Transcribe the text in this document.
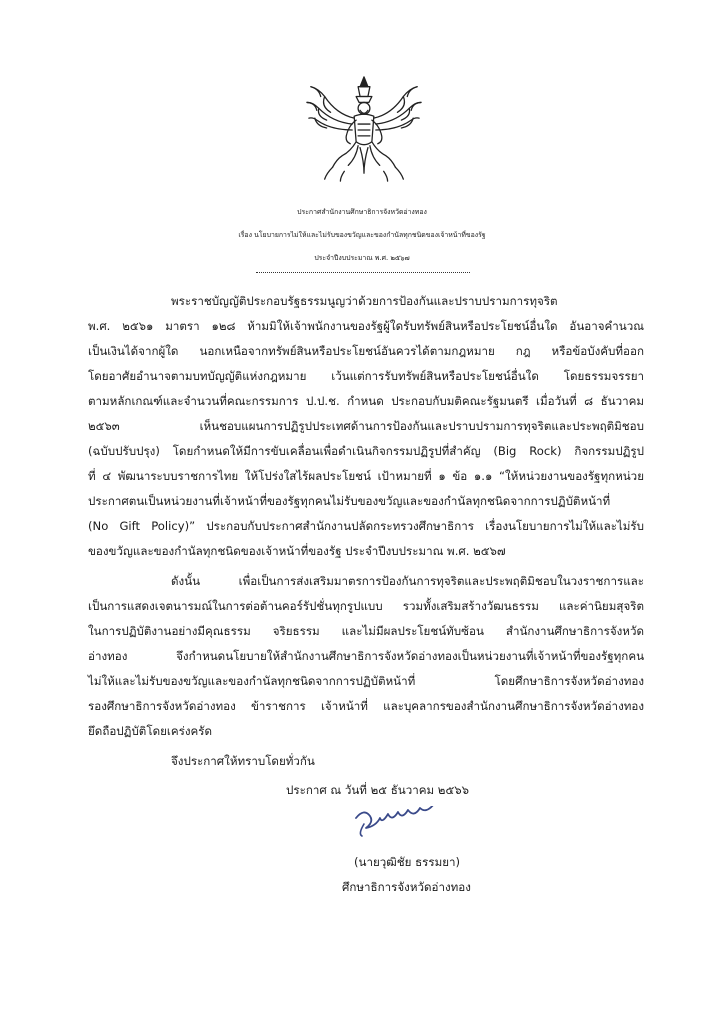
ประกาศสำนักงานศึกษาธิการจังหวัดอ่างทอง
เรื่อง นโยบายการไม่ให้และไม่รับของขวัญและของกำนัลทุกชนิดของเจ้าหน้าที่ของรัฐ
ประจำปีงบประมาณ พ.ศ. ๒๕๖๗
พระราชบัญญัติประกอบรัฐธรรมนูญว่าด้วยการป้องกันและปราบปรามการทุจริต
พ.ศ. ๒๕๖๑ มาตรา ๑๒๘ ห้ามมิให้เจ้าพนักงานของรัฐผู้ใดรับทรัพย์สินหรือประโยชน์อื่นใด อันอาจคำนวณ
เป็นเงินได้จากผู้ใด นอกเหนือจากทรัพย์สินหรือประโยชน์อันควรได้ตามกฎหมาย กฎ หรือข้อบังคับที่ออก
โดยอาศัยอำนาจตามบทบัญญัติแห่งกฎหมาย เว้นแต่การรับทรัพย์สินหรือประโยชน์อื่นใด โดยธรรมจรรยา
ตามหลักเกณฑ์และจำนวนที่คณะกรรมการ ป.ป.ช. กำหนด ประกอบกับมติคณะรัฐมนตรี เมื่อวันที่ ๘ ธันวาคม
๒๕๖๓ เห็นชอบแผนการปฏิรูปประเทศด้านการป้องกันและปราบปรามการทุจริตและประพฤติมิชอบ
(ฉบับปรับปรุง) โดยกำหนดให้มีการขับเคลื่อนเพื่อดำเนินกิจกรรมปฏิรูปที่สำคัญ (Big Rock) กิจกรรมปฏิรูป
ที่ ๔ พัฒนาระบบราชการไทย ให้โปร่งใสไร้ผลประโยชน์ เป้าหมายที่ ๑ ข้อ ๑.๑ “ให้หน่วยงานของรัฐทุกหน่วย
ประกาศตนเป็นหน่วยงานที่เจ้าหน้าที่ของรัฐทุกคนไม่รับของขวัญและของกำนัลทุกชนิดจากการปฏิบัติหน้าที่
(No Gift Policy)” ประกอบกับประกาศสำนักงานปลัดกระทรวงศึกษาธิการ เรื่องนโยบายการไม่ให้และไม่รับ
ของขวัญและของกำนัลทุกชนิดของเจ้าหน้าที่ของรัฐ ประจำปีงบประมาณ พ.ศ. ๒๕๖๗
ดังนั้น เพื่อเป็นการส่งเสริมมาตรการป้องกันการทุจริตและประพฤติมิชอบในวงราชการและ
เป็นการแสดงเจตนารมณ์ในการต่อต้านคอร์รัปชั่นทุกรูปแบบ รวมทั้งเสริมสร้างวัฒนธรรม และค่านิยมสุจริต
ในการปฏิบัติงานอย่างมีคุณธรรม จริยธรรม และไม่มีผลประโยชน์ทับซ้อน สำนักงานศึกษาธิการจังหวัด
อ่างทอง จึงกำหนดนโยบายให้สำนักงานศึกษาธิการจังหวัดอ่างทองเป็นหน่วยงานที่เจ้าหน้าที่ของรัฐทุกคน
ไม่ให้และไม่รับของขวัญและของกำนัลทุกชนิดจากการปฏิบัติหน้าที่ โดยศึกษาธิการจังหวัดอ่างทอง
รองศึกษาธิการจังหวัดอ่างทอง ข้าราชการ เจ้าหน้าที่ และบุคลากรของสำนักงานศึกษาธิการจังหวัดอ่างทอง
ยึดถือปฏิบัติโดยเคร่งครัด
จึงประกาศให้ทราบโดยทั่วกัน
ประกาศ ณ วันที่ ๒๕ ธันวาคม ๒๕๖๖
(นายวุฒิชัย ธรรมยา)
ศึกษาธิการจังหวัดอ่างทอง
